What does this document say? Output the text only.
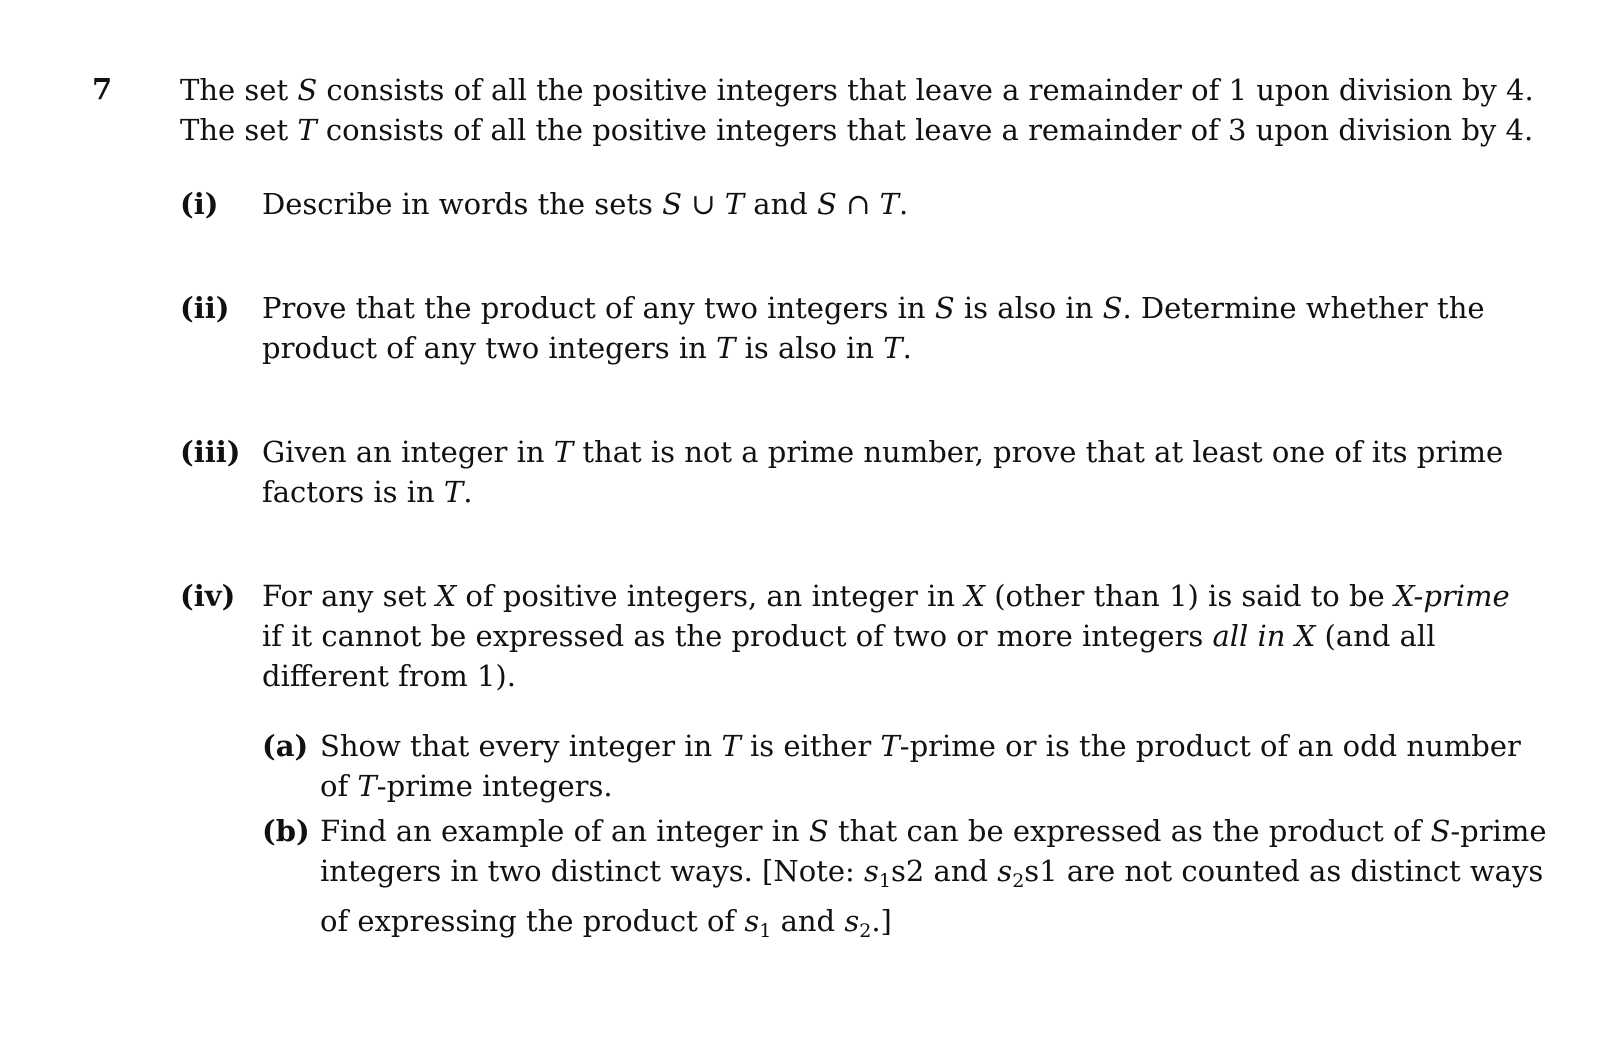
7 The set S consists of all the positive integers that leave a remainder of 1 upon division by 4.
The set T consists of all the positive integers that leave a remainder of 3 upon division by 4.
(i) Describe in words the sets S ∪ T and S ∩ T.
(ii) Prove that the product of any two integers in S is also in S. Determine whether the
product of any two integers in T is also in T.
(iii) Given an integer in T that is not a prime number, prove that at least one of its prime
factors is in T.
(iv) For any set X of positive integers, an integer in X (other than 1) is said to be X-prime
if it cannot be expressed as the product of two or more integers all in X (and all
different from 1).
(a) Show that every integer in T is either T-prime or is the product of an odd number
of T-prime integers.
(b) Find an example of an integer in S that can be expressed as the product of S-prime
integers in two distinct ways. [Note: $s_1s2$ and $s_2s1$ are not counted as distinct ways
of expressing the product of $s_1$ and $s_2$.]
